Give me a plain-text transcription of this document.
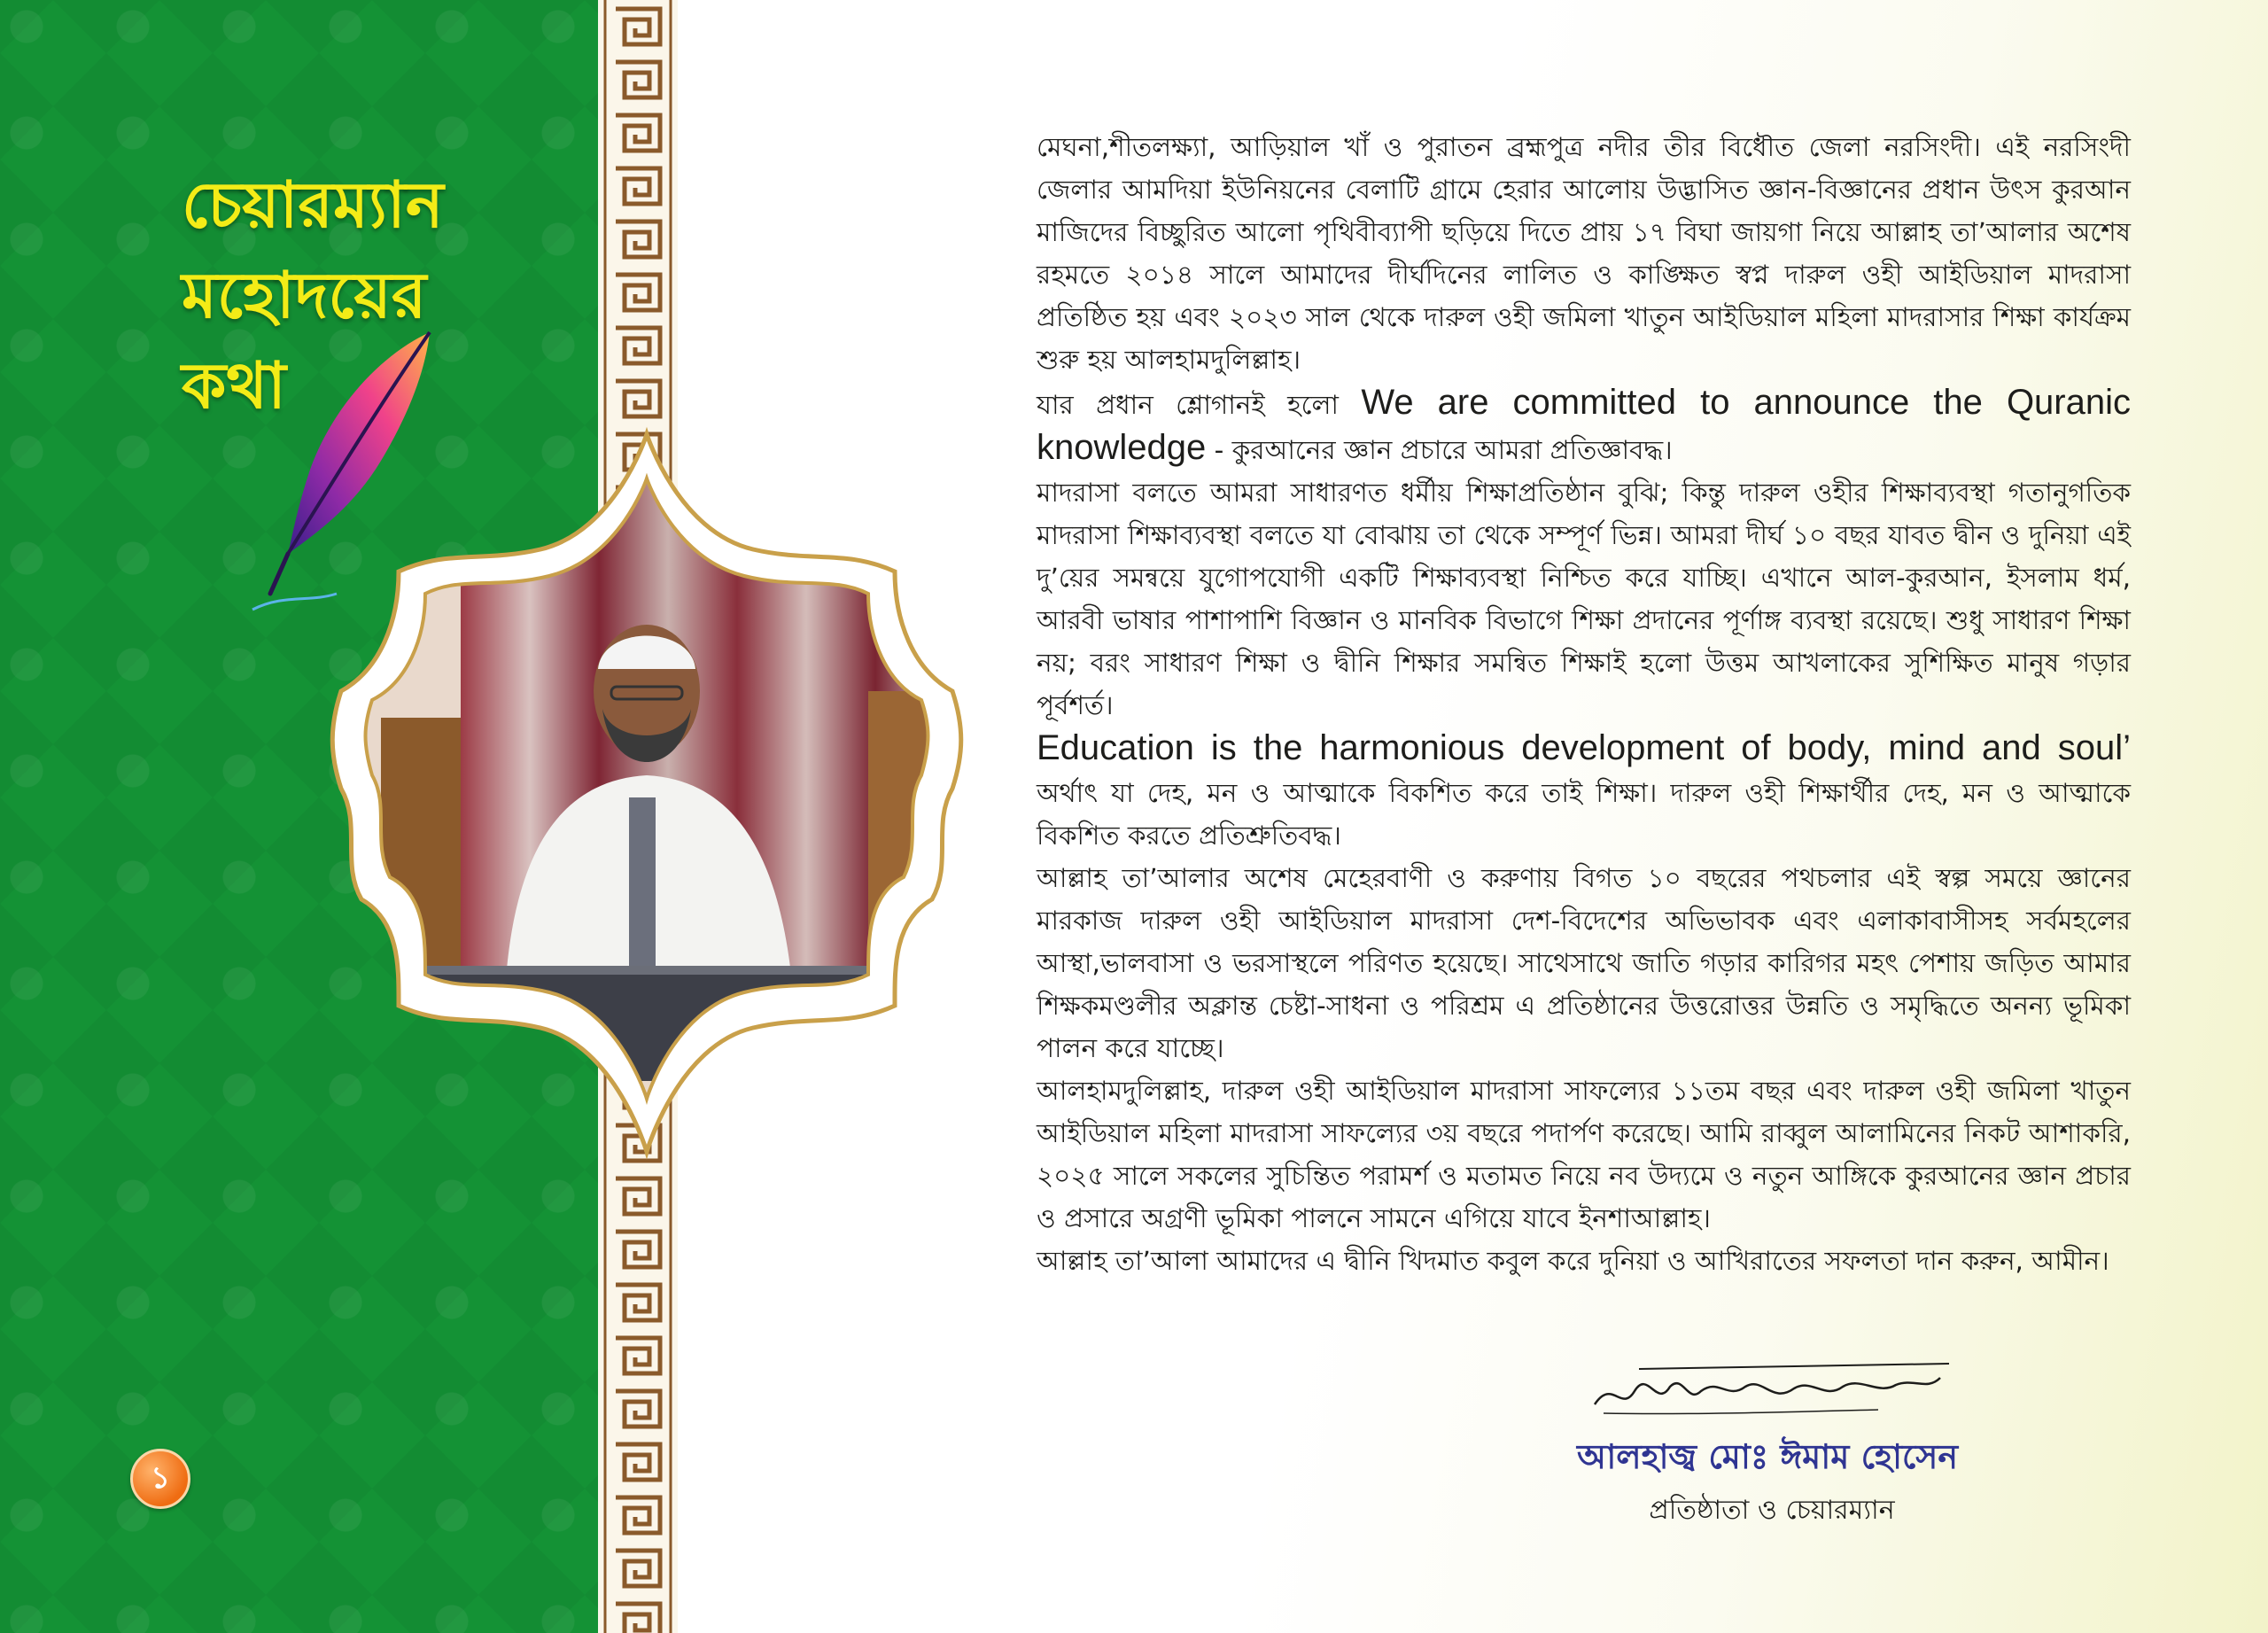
চেয়ারম্যান
মহোদয়ের
কথা
১

মেঘনা,শীতলক্ষ্যা, আড়িয়াল খাঁ ও পুরাতন ব্রহ্মপুত্র নদীর তীর বিধৌত জেলা নরসিংদী। এই নরসিংদী জেলার আমদিয়া ইউনিয়নের বেলাটি গ্রামে হেরার আলোয় উদ্ভাসিত জ্ঞান-বিজ্ঞানের প্রধান উৎস কুরআন মাজিদের বিচ্ছুরিত আলো পৃথিবীব্যাপী ছড়িয়ে দিতে প্রায় ১৭ বিঘা জায়গা নিয়ে আল্লাহ তা’আলার অশেষ রহমতে ২০১৪ সালে আমাদের দীর্ঘদিনের লালিত ও কাঙ্ক্ষিত স্বপ্ন দারুল ওহী আইডিয়াল মাদরাসা প্রতিষ্ঠিত হয় এবং ২০২৩ সাল থেকে দারুল ওহী জমিলা খাতুন আইডিয়াল মহিলা মাদরাসার শিক্ষা কার্যক্রম শুরু হয় আলহামদুলিল্লাহ।

যার প্রধান শ্লোগানই হলো We are committed to announce the Quranic knowledge - কুরআনের জ্ঞান প্রচারে আমরা প্রতিজ্ঞাবদ্ধ।

মাদরাসা বলতে আমরা সাধারণত ধর্মীয় শিক্ষাপ্রতিষ্ঠান বুঝি; কিন্তু দারুল ওহীর শিক্ষাব্যবস্থা গতানুগতিক মাদরাসা শিক্ষাব্যবস্থা বলতে যা বোঝায় তা থেকে সম্পূর্ণ ভিন্ন। আমরা দীর্ঘ ১০ বছর যাবত দ্বীন ও দুনিয়া এই দু’য়ের সমন্বয়ে যুগোপযোগী একটি শিক্ষাব্যবস্থা নিশ্চিত করে যাচ্ছি। এখানে আল-কুরআন, ইসলাম ধর্ম, আরবী ভাষার পাশাপাশি বিজ্ঞান ও মানবিক বিভাগে শিক্ষা প্রদানের পূর্ণাঙ্গ ব্যবস্থা রয়েছে। শুধু সাধারণ শিক্ষা নয়; বরং সাধারণ শিক্ষা ও দ্বীনি শিক্ষার সমন্বিত শিক্ষাই হলো উত্তম আখলাকের সুশিক্ষিত মানুষ গড়ার পূর্বশর্ত।

Education is the harmonious development of body, mind and soul’ অর্থাৎ যা দেহ, মন ও আত্মাকে বিকশিত করে তাই শিক্ষা। দারুল ওহী শিক্ষার্থীর দেহ, মন ও আত্মাকে বিকশিত করতে প্রতিশ্রুতিবদ্ধ।

আল্লাহ তা’আলার অশেষ মেহেরবাণী ও করুণায় বিগত ১০ বছরের পথচলার এই স্বল্প সময়ে জ্ঞানের মারকাজ দারুল ওহী আইডিয়াল মাদরাসা দেশ-বিদেশের অভিভাবক এবং এলাকাবাসীসহ সর্বমহলের আস্থা,ভালবাসা ও ভরসাস্থলে পরিণত হয়েছে। সাথেসাথে জাতি গড়ার কারিগর মহৎ পেশায় জড়িত আমার শিক্ষকমণ্ডলীর অক্লান্ত চেষ্টা-সাধনা ও পরিশ্রম এ প্রতিষ্ঠানের উত্তরোত্তর উন্নতি ও সমৃদ্ধিতে অনন্য ভূমিকা পালন করে যাচ্ছে।

আলহামদুলিল্লাহ, দারুল ওহী আইডিয়াল মাদরাসা সাফল্যের ১১তম বছর এবং দারুল ওহী জমিলা খাতুন আইডিয়াল মহিলা মাদরাসা সাফল্যের ৩য় বছরে পদার্পণ করেছে। আমি রাব্বুল আলামিনের নিকট আশাকরি, ২০২৫ সালে সকলের সুচিন্তিত পরামর্শ ও মতামত নিয়ে নব উদ্যমে ও নতুন আঙ্গিকে কুরআনের জ্ঞান প্রচার ও প্রসারে অগ্রণী ভূমিকা পালনে সামনে এগিয়ে যাবে ইনশাআল্লাহ।

আল্লাহ তা’আলা আমাদের এ দ্বীনি খিদমাত কবুল করে দুনিয়া ও আখিরাতের সফলতা দান করুন, আমীন।

আলহাজ্ব মোঃ ঈমাম হোসেন
প্রতিষ্ঠাতা ও চেয়ারম্যান
